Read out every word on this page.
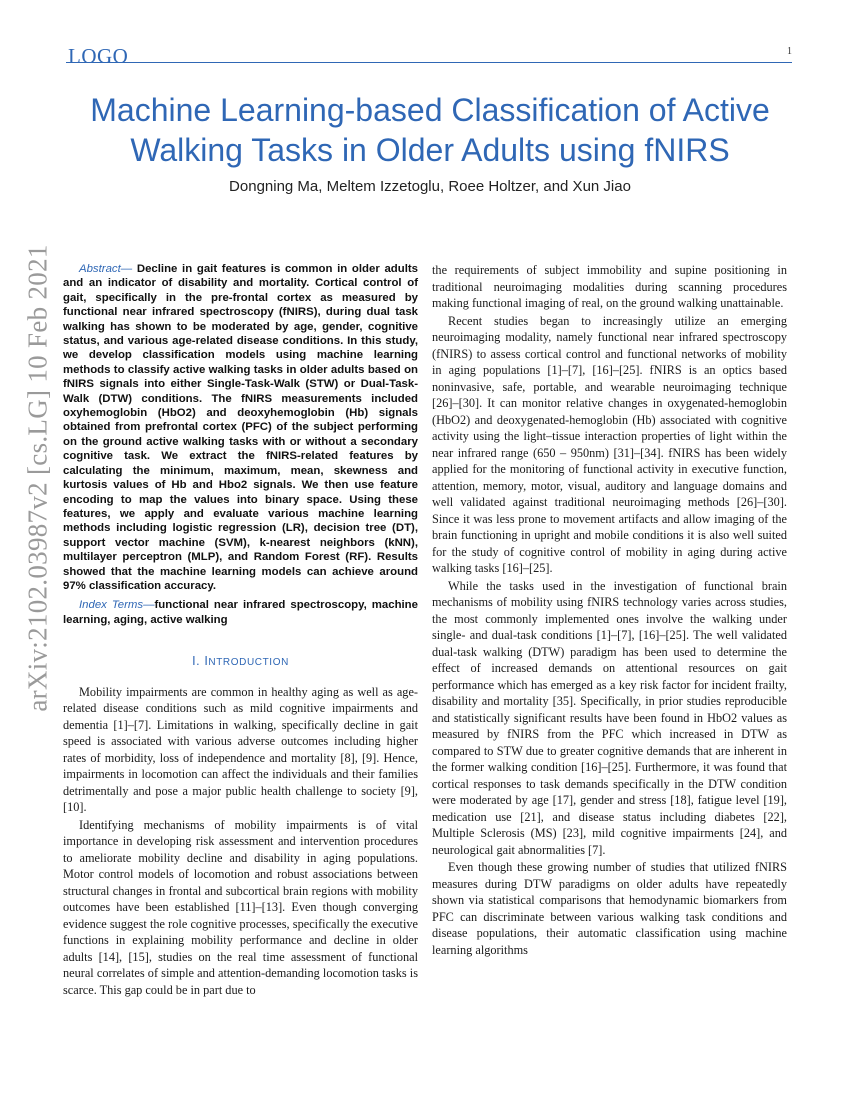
LOGO	1
arXiv:2102.03987v2 [cs.LG] 10 Feb 2021
Machine Learning-based Classification of Active Walking Tasks in Older Adults using fNIRS
Dongning Ma, Meltem Izzetoglu, Roee Holtzer, and Xun Jiao

Abstract— Decline in gait features is common in older adults and an indicator of disability and mortality. Cortical control of gait, specifically in the pre-frontal cortex as measured by functional near infrared spectroscopy (fNIRS), during dual task walking has shown to be moderated by age, gender, cognitive status, and various age-related disease conditions. In this study, we develop classification models using machine learning methods to classify active walking tasks in older adults based on fNIRS signals into either Single-Task-Walk (STW) or Dual-Task-Walk (DTW) conditions. The fNIRS measurements included oxyhemoglobin (HbO2) and deoxyhemoglobin (Hb) signals obtained from prefrontal cortex (PFC) of the subject performing on the ground active walking tasks with or without a secondary cognitive task. We extract the fNIRS-related features by calculating the minimum, maximum, mean, skewness and kurtosis values of Hb and Hbo2 signals. We then use feature encoding to map the values into binary space. Using these features, we apply and evaluate various machine learning methods including logistic regression (LR), decision tree (DT), support vector machine (SVM), k-nearest neighbors (kNN), multilayer perceptron (MLP), and Random Forest (RF). Results showed that the machine learning models can achieve around 97% classification accuracy.

Index Terms—functional near infrared spectroscopy, machine learning, aging, active walking

I. INTRODUCTION

Mobility impairments are common in healthy aging as well as age-related disease conditions such as mild cognitive impairments and dementia [1]–[7]. Limitations in walking, specifically decline in gait speed is associated with various adverse outcomes including higher rates of morbidity, loss of independence and mortality [8], [9]. Hence, impairments in locomotion can affect the individuals and their families detrimentally and pose a major public health challenge to society [9], [10].

Identifying mechanisms of mobility impairments is of vital importance in developing risk assessment and intervention procedures to ameliorate mobility decline and disability in aging populations. Motor control models of locomotion and robust associations between structural changes in frontal and subcortical brain regions with mobility outcomes have been established [11]–[13]. Even though converging evidence suggest the role cognitive processes, specifically the executive functions in explaining mobility performance and decline in older adults [14], [15], studies on the real time assessment of functional neural correlates of simple and attention-demanding locomotion tasks is scarce. This gap could be in part due to

the requirements of subject immobility and supine positioning in traditional neuroimaging modalities during scanning procedures making functional imaging of real, on the ground walking unattainable.

Recent studies began to increasingly utilize an emerging neuroimaging modality, namely functional near infrared spectroscopy (fNIRS) to assess cortical control and functional networks of mobility in aging populations [1]–[7], [16]–[25]. fNIRS is an optics based noninvasive, safe, portable, and wearable neuroimaging technique [26]–[30]. It can monitor relative changes in oxygenated-hemoglobin (HbO2) and deoxygenated-hemoglobin (Hb) associated with cognitive activity using the light–tissue interaction properties of light within the near infrared range (650 – 950nm) [31]–[34]. fNIRS has been widely applied for the monitoring of functional activity in executive function, attention, memory, motor, visual, auditory and language domains and well validated against traditional neuroimaging methods [26]–[30]. Since it was less prone to movement artifacts and allow imaging of the brain functioning in upright and mobile conditions it is also well suited for the study of cognitive control of mobility in aging during active walking tasks [16]–[25].

While the tasks used in the investigation of functional brain mechanisms of mobility using fNIRS technology varies across studies, the most commonly implemented ones involve the walking under single- and dual-task conditions [1]–[7], [16]–[25]. The well validated dual-task walking (DTW) paradigm has been used to determine the effect of increased demands on attentional resources on gait performance which has emerged as a key risk factor for incident frailty, disability and mortality [35]. Specifically, in prior studies reproducible and statistically significant results have been found in HbO2 values as measured by fNIRS from the PFC which increased in DTW as compared to STW due to greater cognitive demands that are inherent in the former walking condition [16]–[25]. Furthermore, it was found that cortical responses to task demands specifically in the DTW condition were moderated by age [17], gender and stress [18], fatigue level [19], medication use [21], and disease status including diabetes [22], Multiple Sclerosis (MS) [23], mild cognitive impairments [24], and neurological gait abnormalities [7].

Even though these growing number of studies that utilized fNIRS measures during DTW paradigms on older adults have repeatedly shown via statistical comparisons that hemodynamic biomarkers from PFC can discriminate between various walking task conditions and disease populations, their automatic classification using machine learning algorithms
